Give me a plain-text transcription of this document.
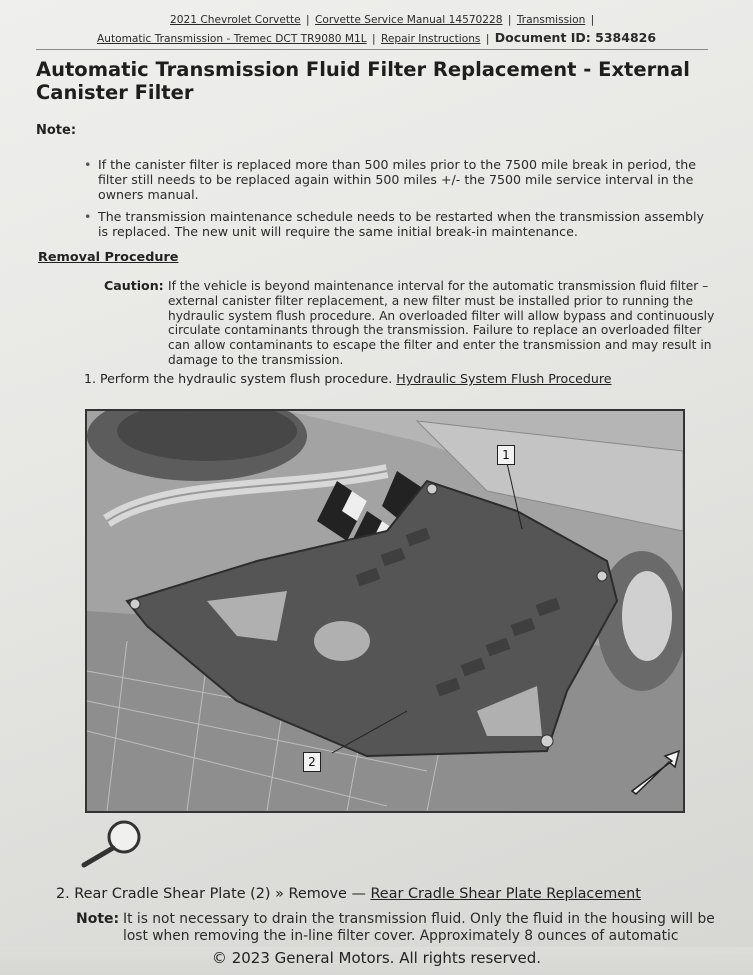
2021 Chevrolet Corvette | Corvette Service Manual 14570228 | Transmission |
Automatic Transmission - Tremec DCT TR9080 M1L | Repair Instructions | Document ID: 5384826
Automatic Transmission Fluid Filter Replacement - External Canister Filter
Note:
• If the canister filter is replaced more than 500 miles prior to the 7500 mile break in period, the filter still needs to be replaced again within 500 miles +/- the 7500 mile service interval in the owners manual.
• The transmission maintenance schedule needs to be restarted when the transmission assembly is replaced. The new unit will require the same initial break-in maintenance.
Removal Procedure
Caution: If the vehicle is beyond maintenance interval for the automatic transmission fluid filter – external canister filter replacement, a new filter must be installed prior to running the hydraulic system flush procedure. An overloaded filter will allow bypass and continuously circulate contaminants through the transmission. Failure to replace an overloaded filter can allow contaminants to escape the filter and enter the transmission and may result in damage to the transmission.
1. Perform the hydraulic system flush procedure. Hydraulic System Flush Procedure
1
2
2. Rear Cradle Shear Plate (2) » Remove — Rear Cradle Shear Plate Replacement
Note: It is not necessary to drain the transmission fluid. Only the fluid in the housing will be lost when removing the in-line filter cover. Approximately 8 ounces of automatic
© 2023 General Motors. All rights reserved.
